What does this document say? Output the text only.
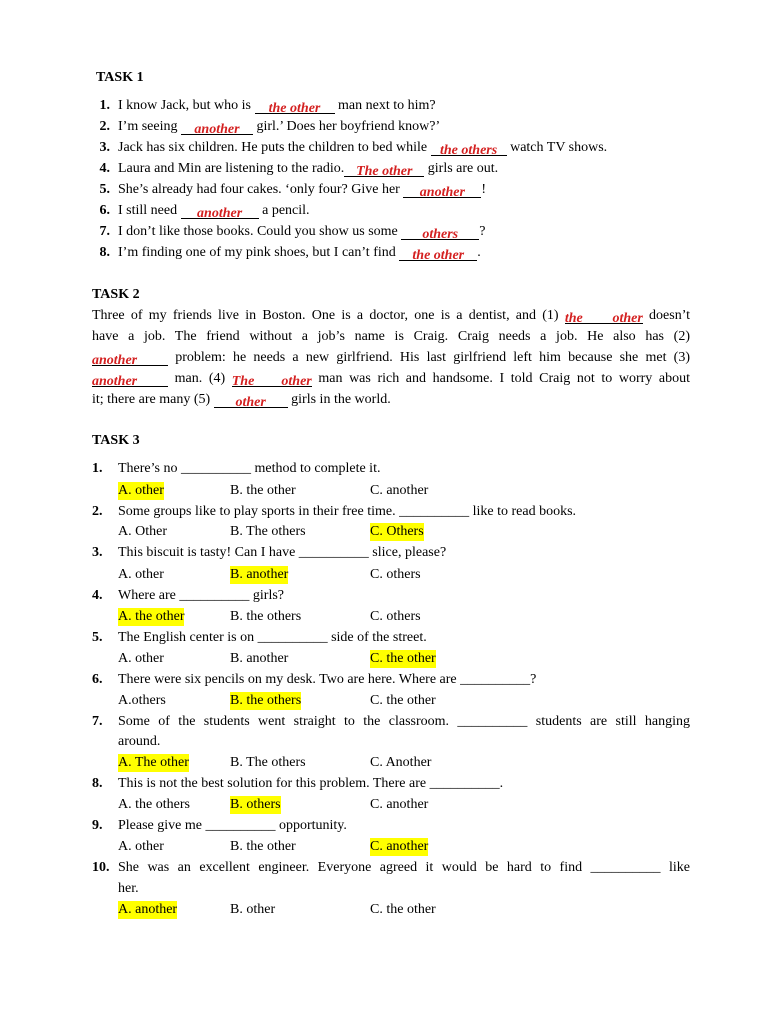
TASK 1
1. I know Jack, but who is the other man next to him?
2. I’m seeing another girl.’ Does her boyfriend know?’
3. Jack has six children. He puts the children to bed while the others watch TV shows.
4. Laura and Min are listening to the radio. The other girls are out.
5. She’s already had four cakes. ‘only four? Give her another !
6. I still need another a pencil.
7. I don’t like those books. Could you show us some others ?
8. I’m finding one of my pink shoes, but I can’t find the other .
TASK 2
Three of my friends live in Boston. One is a doctor, one is a dentist, and (1) the other doesn’t
have a job. The friend without a job’s name is Craig. Craig needs a job. He also has (2)
another problem: he needs a new girlfriend. His last girlfriend left him because she met (3)
another man. (4) The other man was rich and handsome. I told Craig not to worry about
it; there are many (5) other girls in the world.
TASK 3
1. There’s no __________ method to complete it.
A. other	B. the other	C. another
2. Some groups like to play sports in their free time. __________ like to read books.
A. Other	B. The others	C. Others
3. This biscuit is tasty! Can I have __________ slice, please?
A. other	B. another	C. others
4. Where are __________ girls?
A. the other	B. the others	C. others
5. The English center is on __________ side of the street.
A. other	B. another	C. the other
6. There were six pencils on my desk. Two are here. Where are __________?
A.others	B. the others	C. the other
7. Some of the students went straight to the classroom. __________ students are still hanging
around.
A. The other	B. The others	C. Another
8. This is not the best solution for this problem. There are __________.
A. the others	B. others	C. another
9. Please give me __________ opportunity.
A. other	B. the other	C. another
10. She was an excellent engineer. Everyone agreed it would be hard to find __________ like
her.
A. another	B. other	C. the other
